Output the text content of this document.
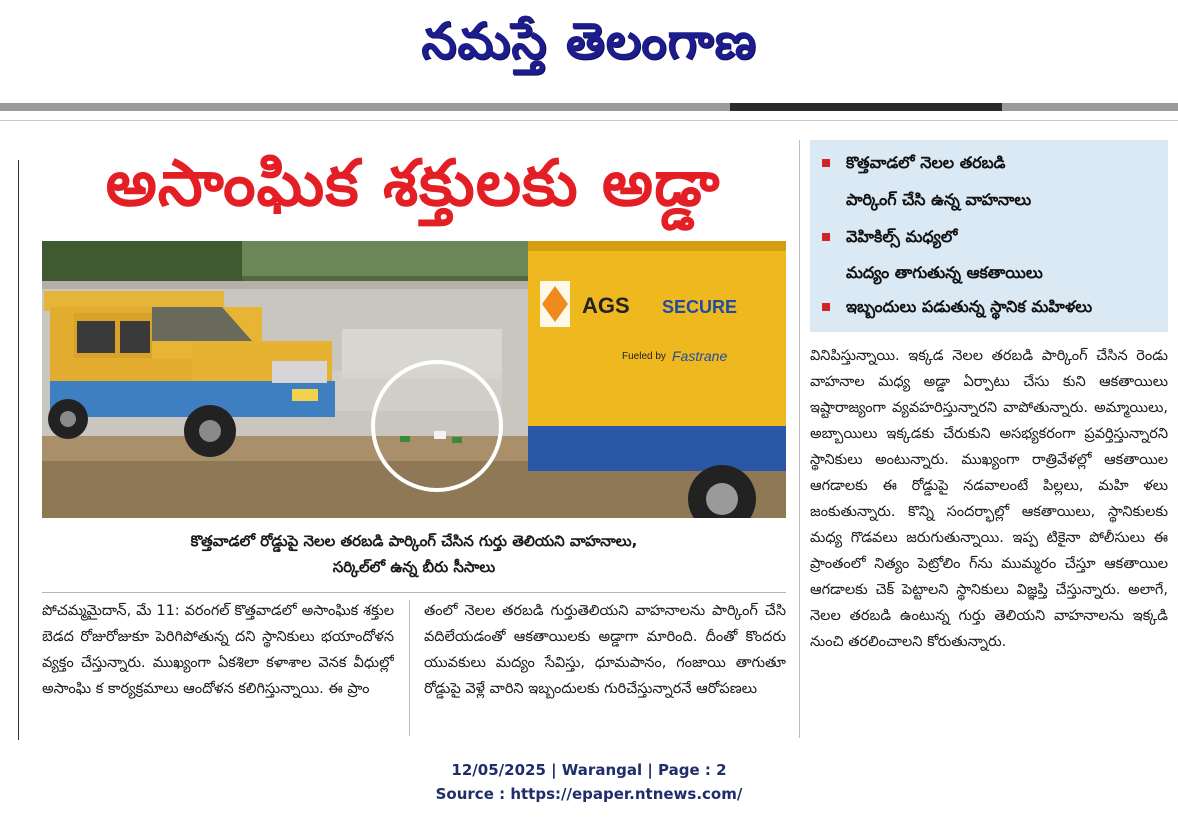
నమస్తే తెలంగాణ
అసాంఘిక శక్తులకు అడ్డా
AGS SECURE
Fueled by Fastrane
కొత్తవాడలో రోడ్డుపై నెలల తరబడి పార్కింగ్ చేసిన గుర్తు తెలియని వాహనాలు,
సర్కిల్‌లో ఉన్న బీరు సీసాలు

పోచమ్మమైదాన్, మే 11: వరంగల్ కొత్తవాడలో అసాంఘిక శక్తుల బెడద రోజురోజుకూ పెరిగిపోతున్న దని స్థానికులు భయాందోళన వ్యక్తం చేస్తున్నారు. ముఖ్యంగా ఏకశిలా కళాశాల వెనక వీధుల్లో అసాంఘి క కార్యక్రమాలు ఆందోళన కలిగిస్తున్నాయి. ఈ ప్రాం

తంలో నెలల తరబడి గుర్తుతెలియని వాహనాలను పార్కింగ్ చేసి వదిలేయడంతో ఆకతాయిలకు అడ్డాగా మారింది. దీంతో కొందరు యువకులు మద్యం సేవిస్తు, ధూమపానం, గంజాయి తాగుతూ రోడ్డుపై వెళ్లే వారిని ఇబ్బందులకు గురిచేస్తున్నారనే ఆరోపణలు

కొత్తవాడలో నెలల తరబడి
పార్కింగ్ చేసి ఉన్న వాహనాలు
వెహికిల్స్ మధ్యలో
మద్యం తాగుతున్న ఆకతాయిలు
ఇబ్బందులు పడుతున్న స్థానిక మహిళలు

వినిపిస్తున్నాయి. ఇక్కడ నెలల తరబడి పార్కింగ్ చేసిన రెండు వాహనాల మధ్య అడ్డా ఏర్పాటు చేసు కుని ఆకతాయిలు ఇష్టారాజ్యంగా వ్యవహరిస్తున్నారని వాపోతున్నారు. అమ్మాయిలు, అబ్బాయిలు ఇక్కడకు చేరుకుని అసభ్యకరంగా ప్రవర్తిస్తున్నారని స్థానికులు అంటున్నారు. ముఖ్యంగా రాత్రివేళల్లో ఆకతాయిల ఆగడాలకు ఈ రోడ్డుపై నడవాలంటే పిల్లలు, మహి ళలు జంకుతున్నారు. కొన్ని సందర్భాల్లో ఆకతాయిలు, స్థానికులకు మధ్య గొడవలు జరుగుతున్నాయి. ఇప్ప టికైనా పోలీసులు ఈ ప్రాంతంలో నిత్యం పెట్రోలిం గ్‌ను ముమ్మరం చేస్తూ ఆకతాయిల ఆగడాలకు చెక్ పెట్టాలని స్థానికులు విజ్ఞప్తి చేస్తున్నారు. అలాగే, నెలల తరబడి ఉంటున్న గుర్తు తెలియని వాహనాలను ఇక్కడి నుంచి తరలించాలని కోరుతున్నారు.

12/05/2025 | Warangal | Page : 2
Source : https://epaper.ntnews.com/
